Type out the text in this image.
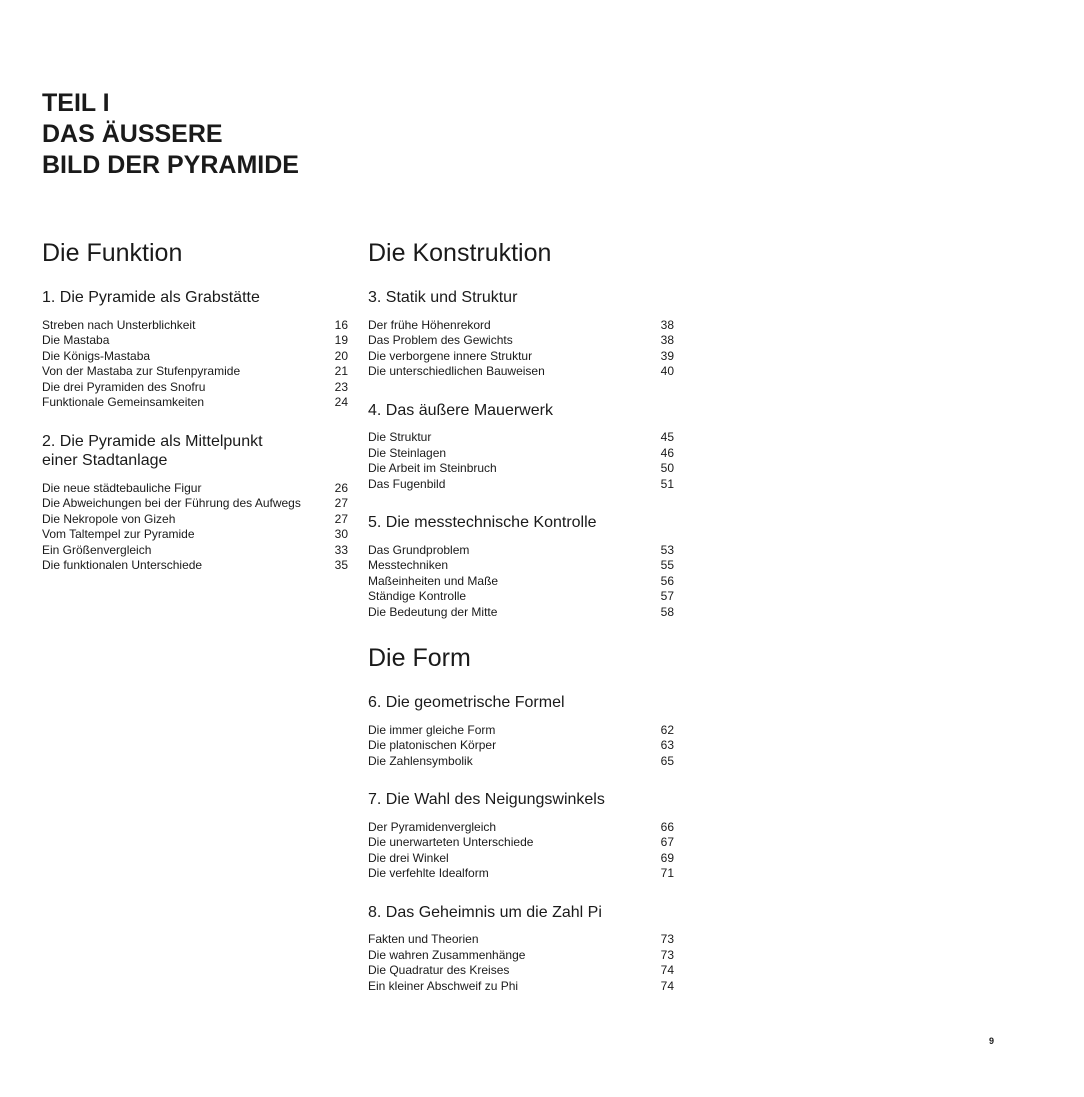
TEIL I
DAS ÄUSSERE
BILD DER PYRAMIDE
Die Funktion
1. Die Pyramide als Grabstätte
Streben nach Unsterblichkeit	16
Die Mastaba	19
Die Königs-Mastaba	20
Von der Mastaba zur Stufenpyramide	21
Die drei Pyramiden des Snofru	23
Funktionale Gemeinsamkeiten	24
2. Die Pyramide als Mittelpunkt
einer Stadtanlage
Die neue städtebauliche Figur	26
Die Abweichungen bei der Führung des Aufwegs	27
Die Nekropole von Gizeh	27
Vom Taltempel zur Pyramide	30
Ein Größenvergleich	33
Die funktionalen Unterschiede	35
Die Konstruktion
3. Statik und Struktur
Der frühe Höhenrekord	38
Das Problem des Gewichts	38
Die verborgene innere Struktur	39
Die unterschiedlichen Bauweisen	40
4. Das äußere Mauerwerk
Die Struktur	45
Die Steinlagen	46
Die Arbeit im Steinbruch	50
Das Fugenbild	51
5. Die messtechnische Kontrolle
Das Grundproblem	53
Messtechniken	55
Maßeinheiten und Maße	56
Ständige Kontrolle	57
Die Bedeutung der Mitte	58
Die Form
6. Die geometrische Formel
Die immer gleiche Form	62
Die platonischen Körper	63
Die Zahlensymbolik	65
7. Die Wahl des Neigungswinkels
Der Pyramidenvergleich	66
Die unerwarteten Unterschiede	67
Die drei Winkel	69
Die verfehlte Idealform	71
8. Das Geheimnis um die Zahl Pi
Fakten und Theorien	73
Die wahren Zusammenhänge	73
Die Quadratur des Kreises	74
Ein kleiner Abschweif zu Phi	74
9
